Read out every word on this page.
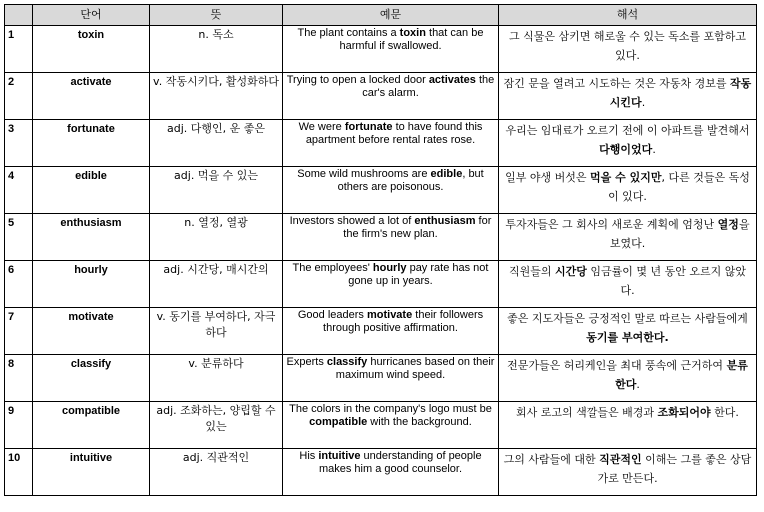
	단어	뜻	예문	해석
1	toxin	n. 독소	The plant contains a toxin that can be harmful if swallowed.	그 식물은 삼키면 해로울 수 있는 독소를 포함하고 있다.
2	activate	v. 작동시키다, 활성화하다	Trying to open a locked door activates the car's alarm.	잠긴 문을 열려고 시도하는 것은 자동차 경보를 작동시킨다.
3	fortunate	adj. 다행인, 운 좋은	We were fortunate to have found this apartment before rental rates rose.	우리는 임대료가 오르기 전에 이 아파트를 발견해서 다행이었다.
4	edible	adj. 먹을 수 있는	Some wild mushrooms are edible, but others are poisonous.	일부 야생 버섯은 먹을 수 있지만, 다른 것들은 독성이 있다.
5	enthusiasm	n. 열정, 열광	Investors showed a lot of enthusiasm for the firm's new plan.	투자자들은 그 회사의 새로운 계획에 엄청난 열정을 보였다.
6	hourly	adj. 시간당, 매시간의	The employees' hourly pay rate has not gone up in years.	직원들의 시간당 임금률이 몇 년 동안 오르지 않았다.
7	motivate	v. 동기를 부여하다, 자극하다	Good leaders motivate their followers through positive affirmation.	좋은 지도자들은 긍정적인 말로 따르는 사람들에게 동기를 부여한다.
8	classify	v. 분류하다	Experts classify hurricanes based on their maximum wind speed.	전문가들은 허리케인을 최대 풍속에 근거하여 분류한다.
9	compatible	adj. 조화하는, 양립할 수 있는	The colors in the company's logo must be compatible with the background.	회사 로고의 색깔들은 배경과 조화되어야 한다.
10	intuitive	adj. 직관적인	His intuitive understanding of people makes him a good counselor.	그의 사람들에 대한 직관적인 이해는 그를 좋은 상담가로 만든다.
